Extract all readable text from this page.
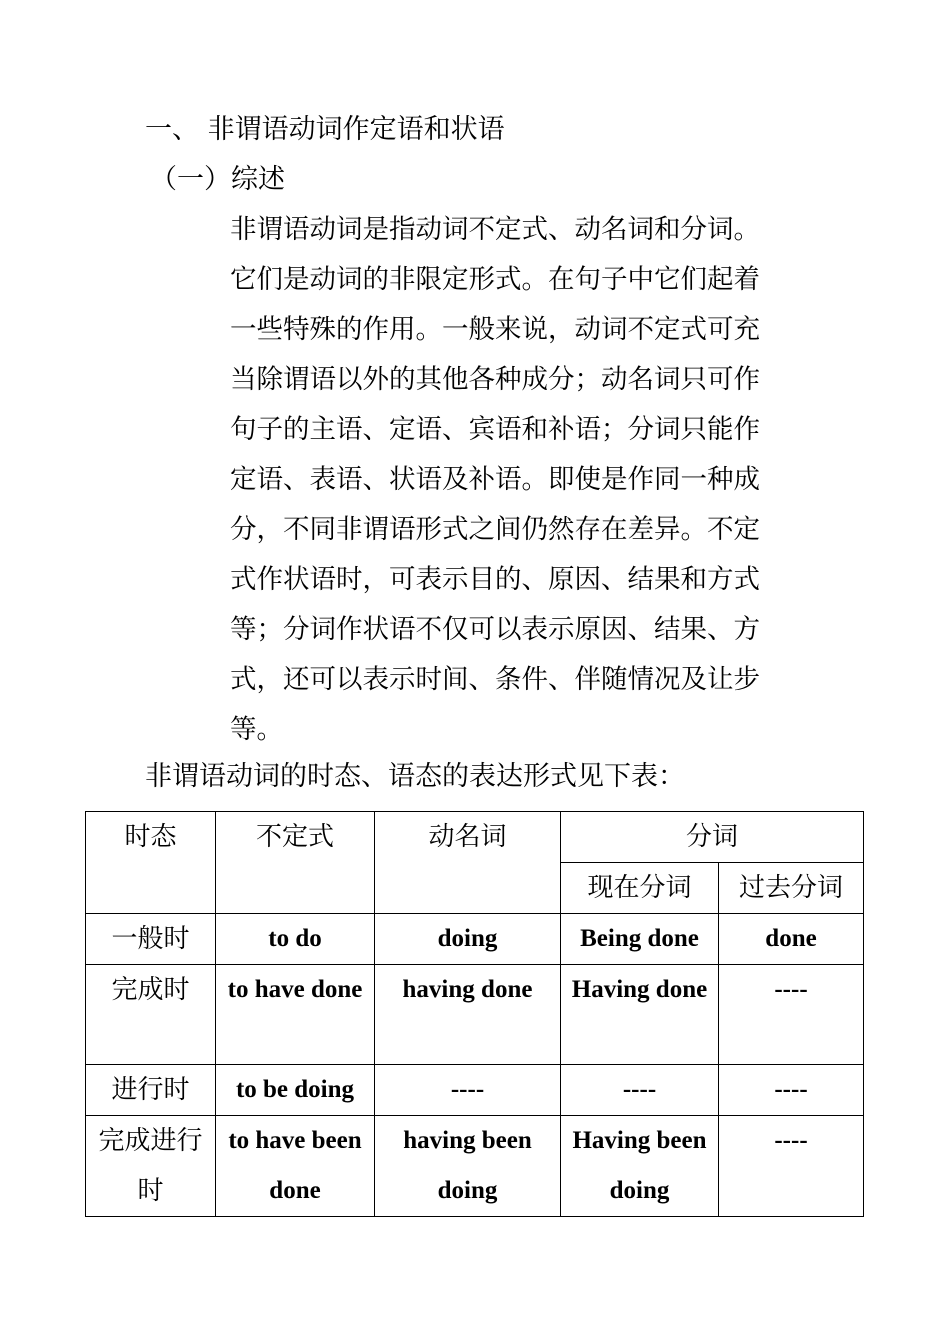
一、 非谓语动词作定语和状语
（一）综述
非谓语动词是指动词不定式、动名词和分词。
它们是动词的非限定形式。在句子中它们起着
一些特殊的作用。一般来说，动词不定式可充
当除谓语以外的其他各种成分；动名词只可作
句子的主语、定语、宾语和补语；分词只能作
定语、表语、状语及补语。即使是作同一种成
分，不同非谓语形式之间仍然存在差异。不定
式作状语时，可表示目的、原因、结果和方式
等；分词作状语不仅可以表示原因、结果、方
式，还可以表示时间、条件、伴随情况及让步
等。
非谓语动词的时态、语态的表达形式见下表：
时态	不定式	动名词	分词	
			现在分词	过去分词
一般时	to do	doing	Being done	done
完成时	to have done	having done	Having done	----
进行时	to be doing	----	----	----
完成进行时	to have been done	having been doing	Having been doing	----
